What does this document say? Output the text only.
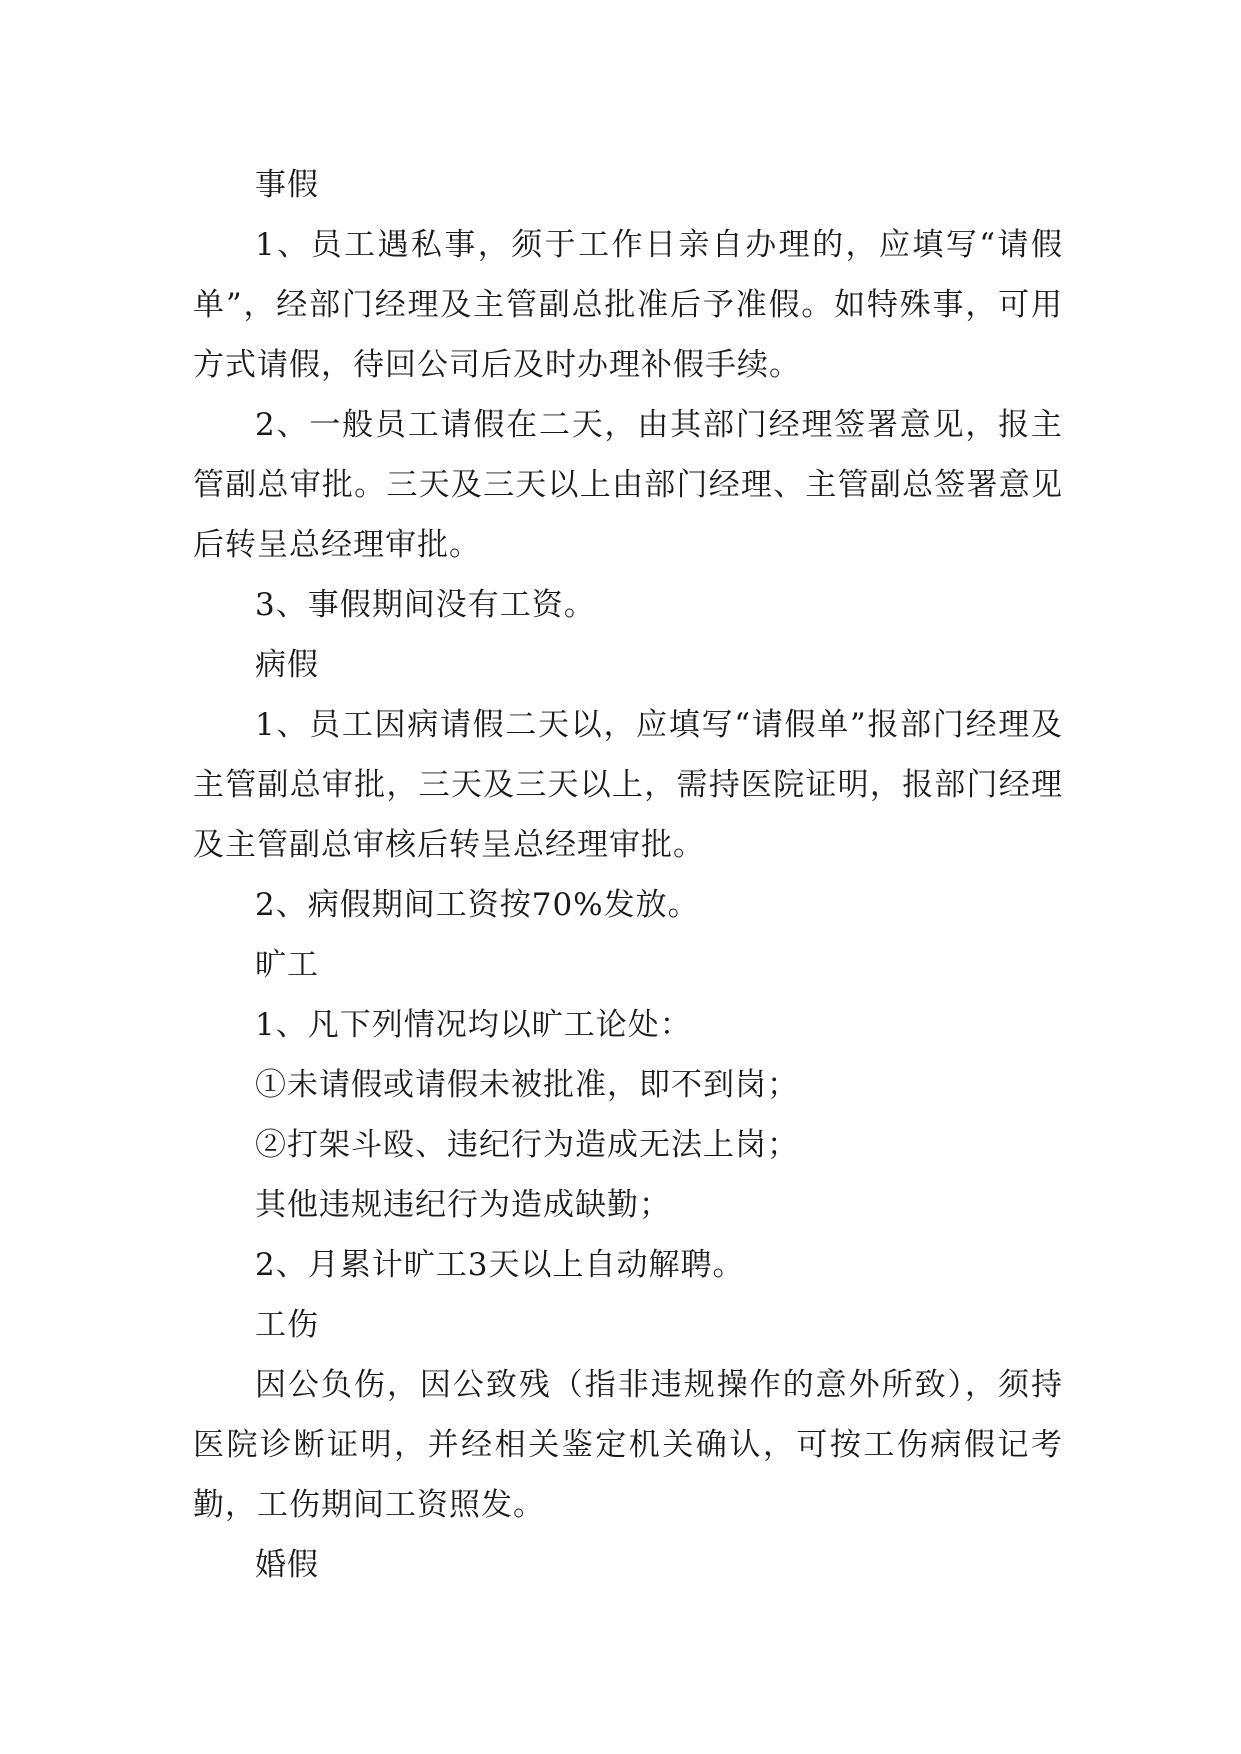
事假

1、员工遇私事，须于工作日亲自办理的，应填写“请假单”，经部门经理及主管副总批准后予准假。如特殊事，可用方式请假，待回公司后及时办理补假手续。

2、一般员工请假在二天，由其部门经理签署意见，报主管副总审批。三天及三天以上由部门经理、主管副总签署意见后转呈总经理审批。

3、事假期间没有工资。

病假

1、员工因病请假二天以，应填写“请假单”报部门经理及主管副总审批，三天及三天以上，需持医院证明，报部门经理及主管副总审核后转呈总经理审批。

2、病假期间工资按70%发放。

旷工

1、凡下列情况均以旷工论处：

①未请假或请假未被批准，即不到岗；

②打架斗殴、违纪行为造成无法上岗；

其他违规违纪行为造成缺勤；

2、月累计旷工3天以上自动解聘。

工伤

因公负伤，因公致残（指非违规操作的意外所致），须持医院诊断证明，并经相关鉴定机关确认，可按工伤病假记考勤，工伤期间工资照发。

婚假
